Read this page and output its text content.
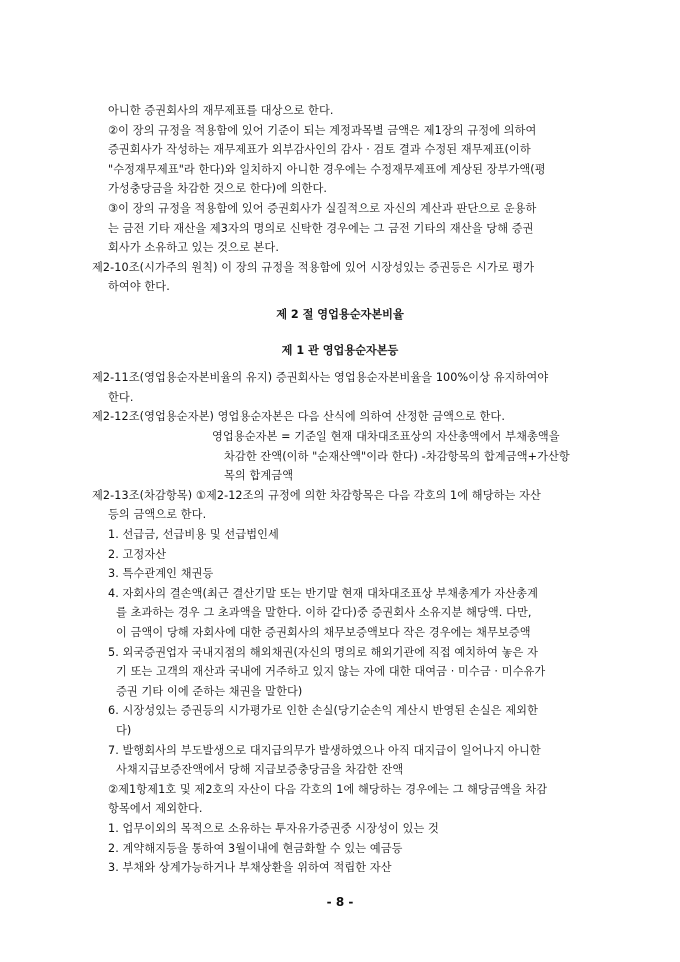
아니한 증권회사의 재무제표를 대상으로 한다.
②이 장의 규정을 적용함에 있어 기준이 되는 계정과목별 금액은 제1장의 규정에 의하여
증권회사가 작성하는 재무제표가 외부감사인의 감사 · 검토 결과 수정된 재무제표(이하
"수정재무제표"라 한다)와 일치하지 아니한 경우에는 수정재무제표에 계상된 장부가액(평
가성충당금을 차감한 것으로 한다)에 의한다.
③이 장의 규정을 적용함에 있어 증권회사가 실질적으로 자신의 계산과 판단으로 운용하
는 금전 기타 재산을 제3자의 명의로 신탁한 경우에는 그 금전 기타의 재산을 당해 증권
회사가 소유하고 있는 것으로 본다.
제2-10조(시가주의 원칙) 이 장의 규정을 적용함에 있어 시장성있는 증권등은 시가로 평가
하여야 한다.
제 2 절 영업용순자본비율
제 1 관 영업용순자본등
제2-11조(영업용순자본비율의 유지) 증권회사는 영업용순자본비율을 100%이상 유지하여야
한다.
제2-12조(영업용순자본) 영업용순자본은 다음 산식에 의하여 산정한 금액으로 한다.
영업용순자본 = 기준일 현재 대차대조표상의 자산총액에서 부채총액을
차감한 잔액(이하 "순재산액"이라 한다) -차감항목의 합계금액+가산항
목의 합계금액
제2-13조(차감항목) ①제2-12조의 규정에 의한 차감항목은 다음 각호의 1에 해당하는 자산
등의 금액으로 한다.
1. 선급금, 선급비용 및 선급법인세
2. 고정자산
3. 특수관계인 채권등
4. 자회사의 결손액(최근 결산기말 또는 반기말 현재 대차대조표상 부채총계가 자산총계
를 초과하는 경우 그 초과액을 말한다. 이하 같다)중 증권회사 소유지분 해당액. 다만,
이 금액이 당해 자회사에 대한 증권회사의 채무보증액보다 작은 경우에는 채무보증액
5. 외국증권업자 국내지점의 해외채권(자신의 명의로 해외기관에 직접 예치하여 놓은 자
기 또는 고객의 재산과 국내에 거주하고 있지 않는 자에 대한 대여금 · 미수금 · 미수유가
증권 기타 이에 준하는 채권을 말한다)
6. 시장성있는 증권등의 시가평가로 인한 손실(당기순손익 계산시 반영된 손실은 제외한
다)
7. 발행회사의 부도발생으로 대지급의무가 발생하였으나 아직 대지급이 일어나지 아니한
사채지급보증잔액에서 당해 지급보증충당금을 차감한 잔액
②제1항제1호 및 제2호의 자산이 다음 각호의 1에 해당하는 경우에는 그 해당금액을 차감
항목에서 제외한다.
1. 업무이외의 목적으로 소유하는 투자유가증권중 시장성이 있는 것
- 8 -
2. 계약해지등을 통하여 3월이내에 현금화할 수 있는 예금등
3. 부채와 상계가능하거나 부채상환을 위하여 적립한 자산
